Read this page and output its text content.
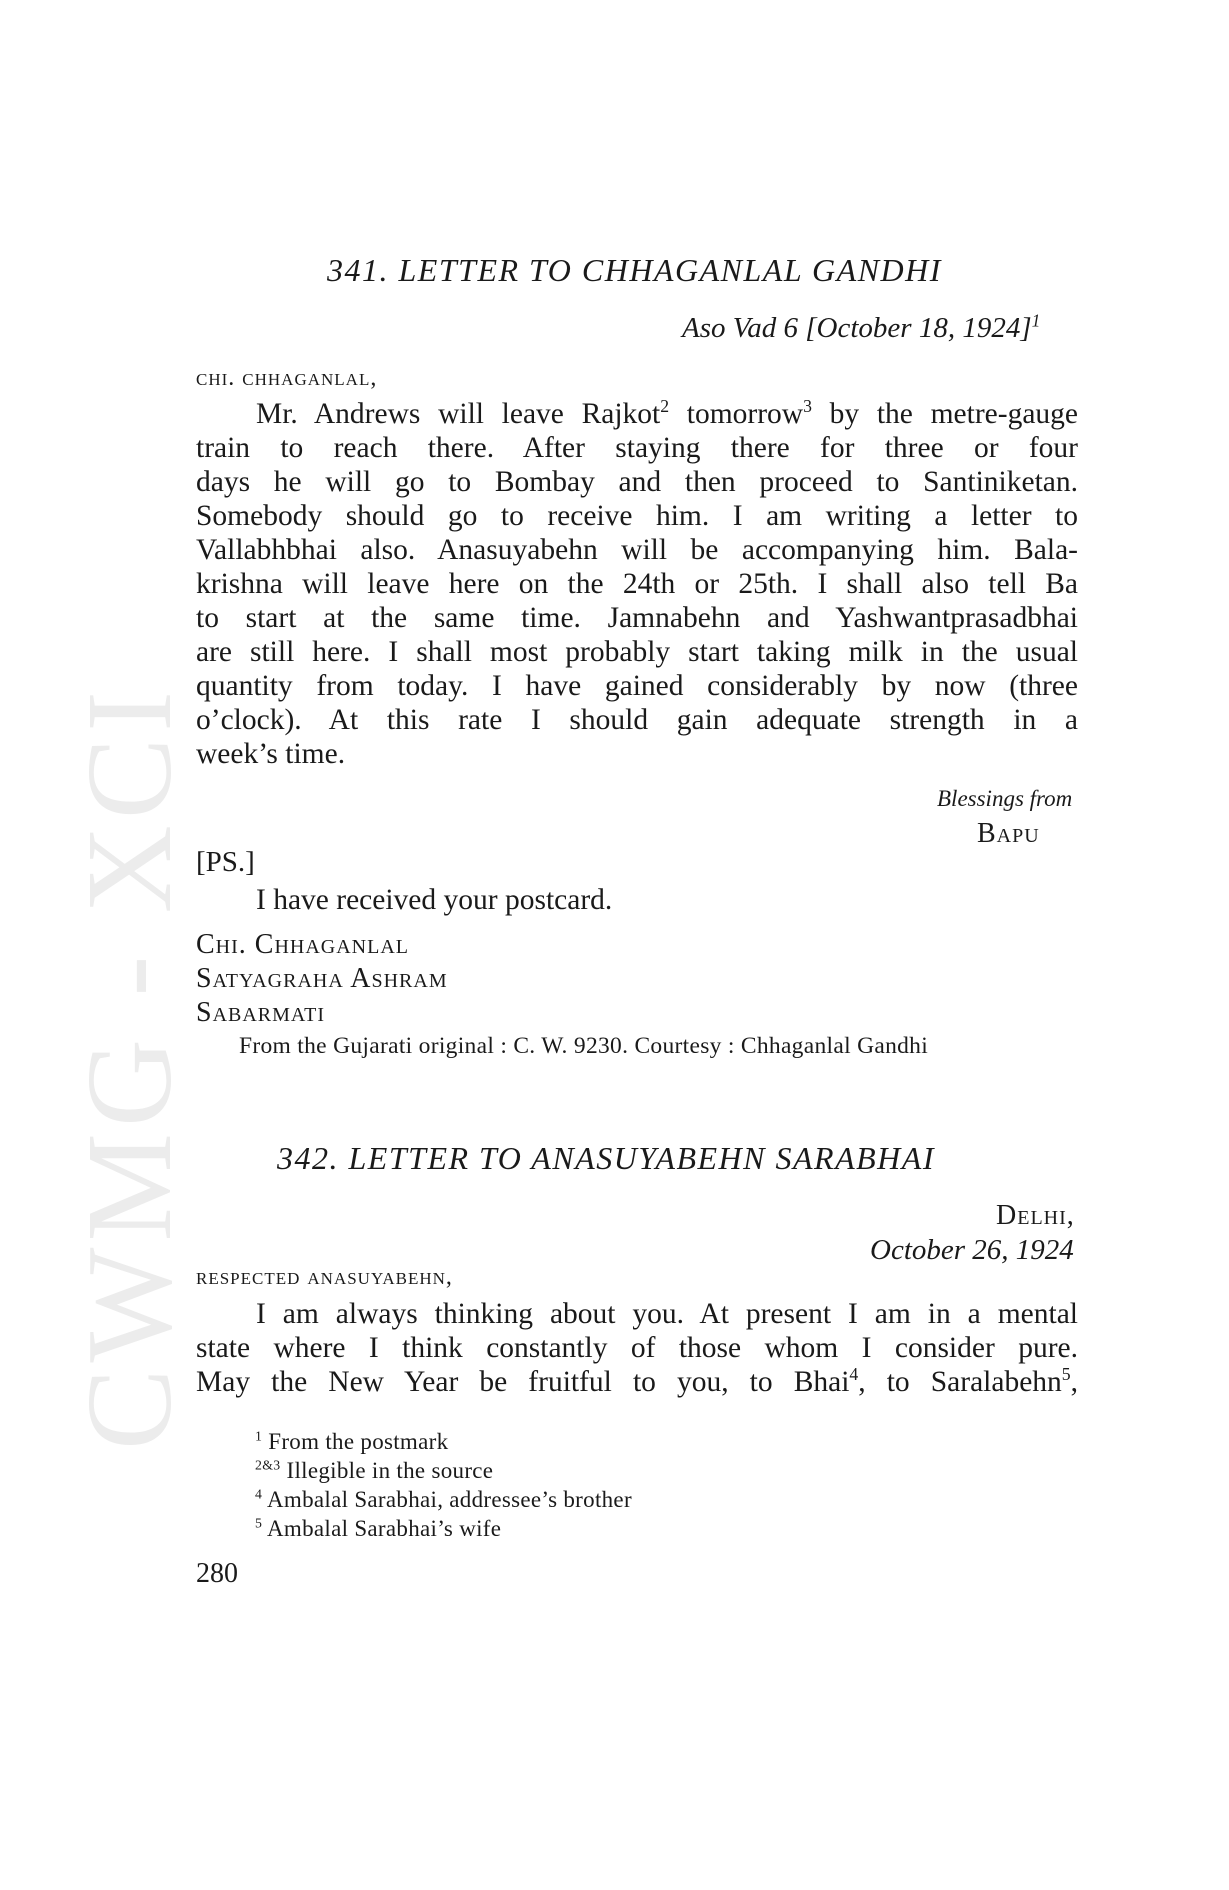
CWMG - XCI
341. LETTER TO CHHAGANLAL GANDHI
Aso Vad 6 [October 18, 1924]$^1$
chi. chhaganlal,
Mr. Andrews will leave Rajkot$^2$ tomorrow$^3$ by the metre-gauge
train to reach there. After staying there for three or four
days he will go to Bombay and then proceed to Santiniketan.
Somebody should go to receive him. I am writing a letter to
Vallabhbhai also. Anasuyabehn will be accompanying him. Bala-
krishna will leave here on the 24th or 25th. I shall also tell Ba
to start at the same time. Jamnabehn and Yashwantprasadbhai
are still here. I shall most probably start taking milk in the usual
quantity from today. I have gained considerably by now (three
o’clock). At this rate I should gain adequate strength in a
week’s time.
Blessings from
Bapu
[PS.]
I have received your postcard.
Chi. Chhaganlal
Satyagraha Ashram
Sabarmati
From the Gujarati original : C. W. 9230. Courtesy : Chhaganlal Gandhi
342. LETTER TO ANASUYABEHN SARABHAI
Delhi,
October 26, 1924
respected anasuyabehn,
I am always thinking about you. At present I am in a mental
state where I think constantly of those whom I consider pure.
May the New Year be fruitful to you, to Bhai$^4$, to Saralabehn$^5$,
$^1$ From the postmark
$^{2\&3}$ Illegible in the source
$^4$ Ambalal Sarabhai, addressee’s brother
$^5$ Ambalal Sarabhai’s wife
280
